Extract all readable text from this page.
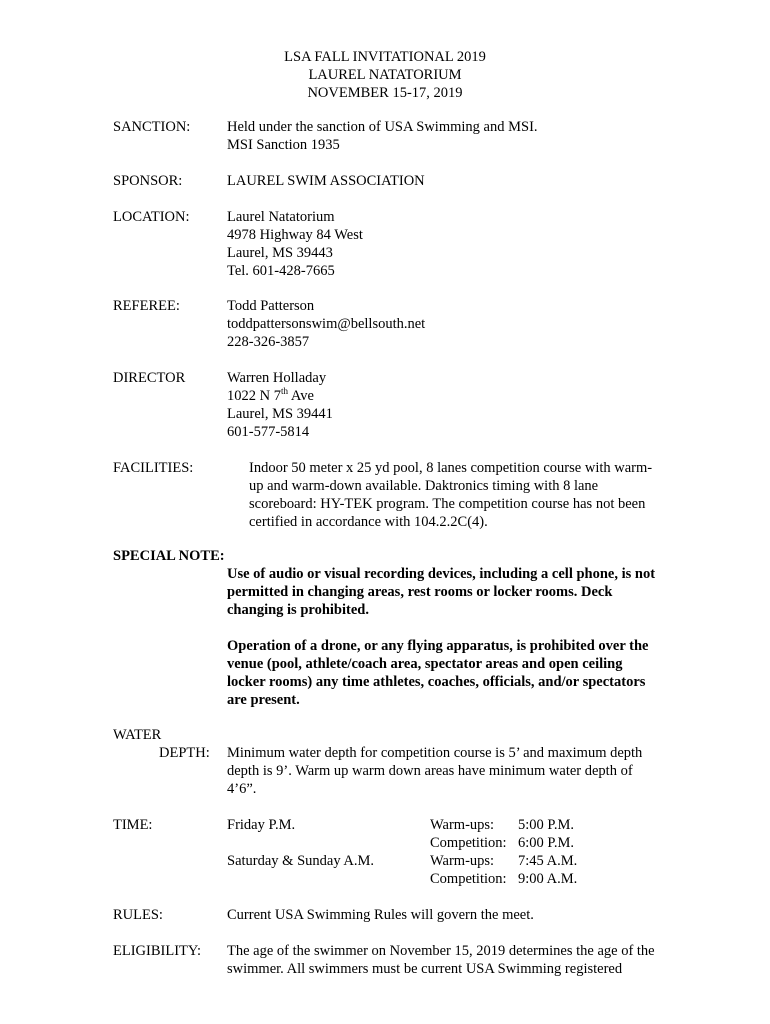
LSA FALL INVITATIONAL 2019
LAUREL NATATORIUM
NOVEMBER 15-17, 2019
SANCTION:	Held under the sanction of USA Swimming and MSI.
MSI Sanction 1935
SPONSOR:	LAUREL SWIM ASSOCIATION
LOCATION:	Laurel Natatorium
4978 Highway 84 West
Laurel, MS 39443
Tel. 601-428-7665
REFEREE:	Todd Patterson
toddpattersonswim@bellsouth.net
228-326-3857
DIRECTOR	Warren Holladay
1022 N 7th Ave
Laurel, MS 39441
601-577-5814
FACILITIES:	Indoor 50 meter x 25 yd pool, 8 lanes competition course with warm-
up and warm-down available. Daktronics timing with 8 lane
scoreboard: HY-TEK program. The competition course has not been
certified in accordance with 104.2.2C(4).
SPECIAL NOTE:
Use of audio or visual recording devices, including a cell phone, is not
permitted in changing areas, rest rooms or locker rooms. Deck
changing is prohibited.
Operation of a drone, or any flying apparatus, is prohibited over the
venue (pool, athlete/coach area, spectator areas and open ceiling
locker rooms) any time athletes, coaches, officials, and/or spectators
are present.
WATER
DEPTH: Minimum water depth for competition course is 5’ and maximum depth
depth is 9’. Warm up warm down areas have minimum water depth of
4’6”.
TIME:	Friday P.M.	Warm-ups: 5:00 P.M.
Competition: 6:00 P.M.
Saturday & Sunday A.M.	Warm-ups: 7:45 A.M.
Competition: 9:00 A.M.
RULES:	Current USA Swimming Rules will govern the meet.
ELIGIBILITY: The age of the swimmer on November 15, 2019 determines the age of the
swimmer. All swimmers must be current USA Swimming registered
